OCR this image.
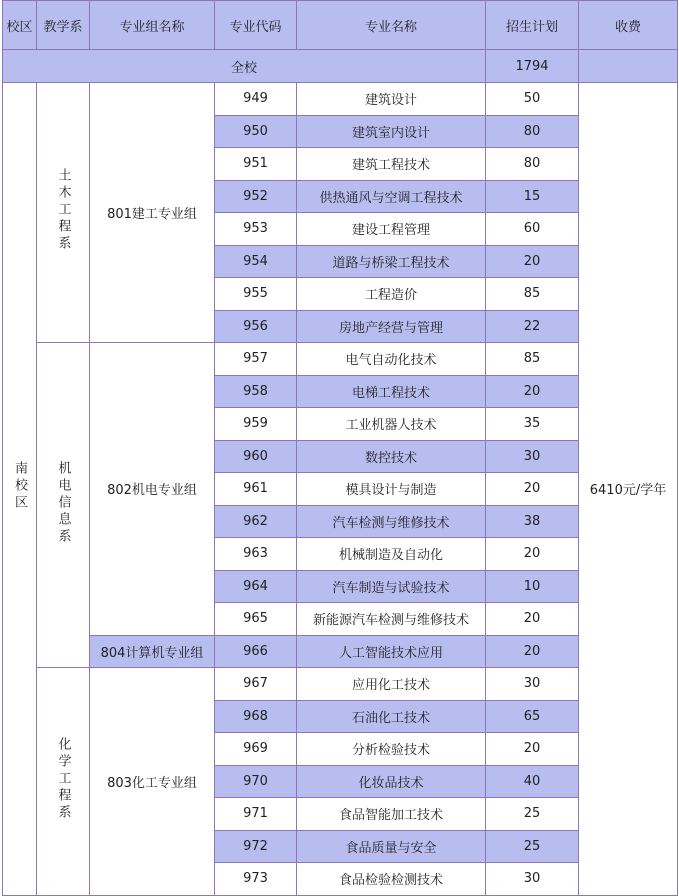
校区	教学系	专业组名称	专业代码	专业名称	招生计划	收费
全校					1794	
南校区	土木工程系	801建工专业组	949	建筑设计	50	6410元/学年
			950	建筑室内设计	80	
			951	建筑工程技术	80	
			952	供热通风与空调工程技术	15	
			953	建设工程管理	60	
			954	道路与桥梁工程技术	20	
			955	工程造价	85	
			956	房地产经营与管理	22	
	机电信息系	802机电专业组	957	电气自动化技术	85	
			958	电梯工程技术	20	
			959	工业机器人技术	35	
			960	数控技术	30	
			961	模具设计与制造	20	
			962	汽车检测与维修技术	38	
			963	机械制造及自动化	20	
			964	汽车制造与试验技术	10	
			965	新能源汽车检测与维修技术	20	
		804计算机专业组	966	人工智能技术应用	20	
	化学工程系	803化工专业组	967	应用化工技术	30	
			968	石油化工技术	65	
			969	分析检验技术	20	
			970	化妆品技术	40	
			971	食品智能加工技术	25	
			972	食品质量与安全	25	
			973	食品检验检测技术	30	
